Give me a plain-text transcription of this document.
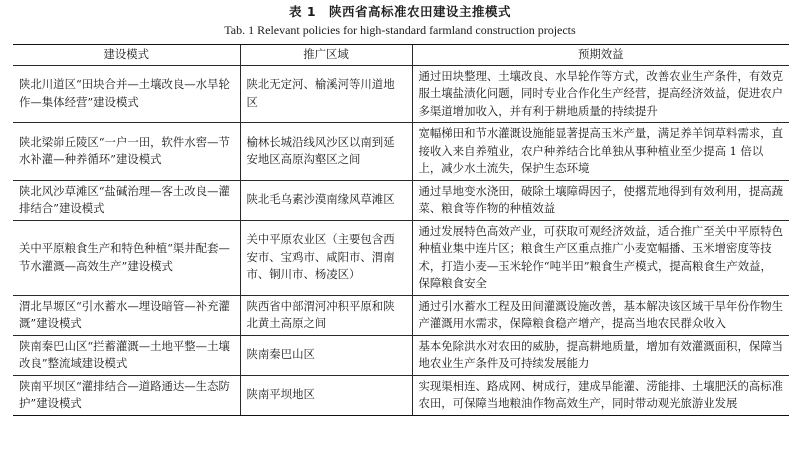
表 1　陕西省高标准农田建设主推模式
Tab. 1 Relevant policies for high-standard farmland construction projects
建设模式	推广区域	预期效益
陕北川道区“田块合并—土壤改良—水旱轮作—集体经营”建设模式	陕北无定河、榆溪河等川道地区	通过田块整理、土壤改良、水旱轮作等方式，改善农业生产条件，有效克服土壤盐渍化问题，同时专业合作化生产经营，提高经济效益，促进农户多渠道增加收入，并有利于耕地质量的持续提升
陕北梁峁丘陵区“一户一田，软件水窖—节水补灌—种养循环”建设模式	榆林长城沿线风沙区以南到延安地区高原沟壑区之间	宽幅梯田和节水灌溉设施能显著提高玉米产量，满足养羊饲草料需求，直接收入来自养殖业，农户种养结合比单独从事种植业至少提高 1 倍以上，减少水土流失，保护生态环境
陕北风沙草滩区“盐碱治理—客土改良—灌排结合”建设模式	陕北毛乌素沙漠南缘风草滩区	通过旱地变水浇田，破除土壤障碍因子，使撂荒地得到有效利用，提高蔬菜、粮食等作物的种植效益
关中平原粮食生产和特色种植“渠井配套—节水灌溉—高效生产”建设模式	关中平原农业区（主要包含西安市、宝鸡市、咸阳市、渭南市、铜川市、杨凌区）	通过发展特色高效产业，可获取可观经济效益，适合推广至关中平原特色种植业集中连片区；粮食生产区重点推广小麦宽幅播、玉米增密度等技术，打造小麦—玉米轮作“吨半田”粮食生产模式，提高粮食生产效益，保障粮食安全
渭北旱塬区“引水蓄水—埋设暗管—补充灌溉”建设模式	陕西省中部渭河冲积平原和陕北黄土高原之间	通过引水蓄水工程及田间灌溉设施改善，基本解决该区域干旱年份作物生产灌溉用水需求，保障粮食稳产增产，提高当地农民群众收入
陕南秦巴山区“拦蓄灌溉—土地平整—土壤改良”整流域建设模式	陕南秦巴山区	基本免除洪水对农田的威胁，提高耕地质量，增加有效灌溉面积，保障当地农业生产条件及可持续发展能力
陕南平坝区“灌排结合—道路通达—生态防护”建设模式	陕南平坝地区	实现渠相连、路成网、树成行，建成旱能灌、涝能排、土壤肥沃的高标准农田，可保障当地粮油作物高效生产，同时带动观光旅游业发展
